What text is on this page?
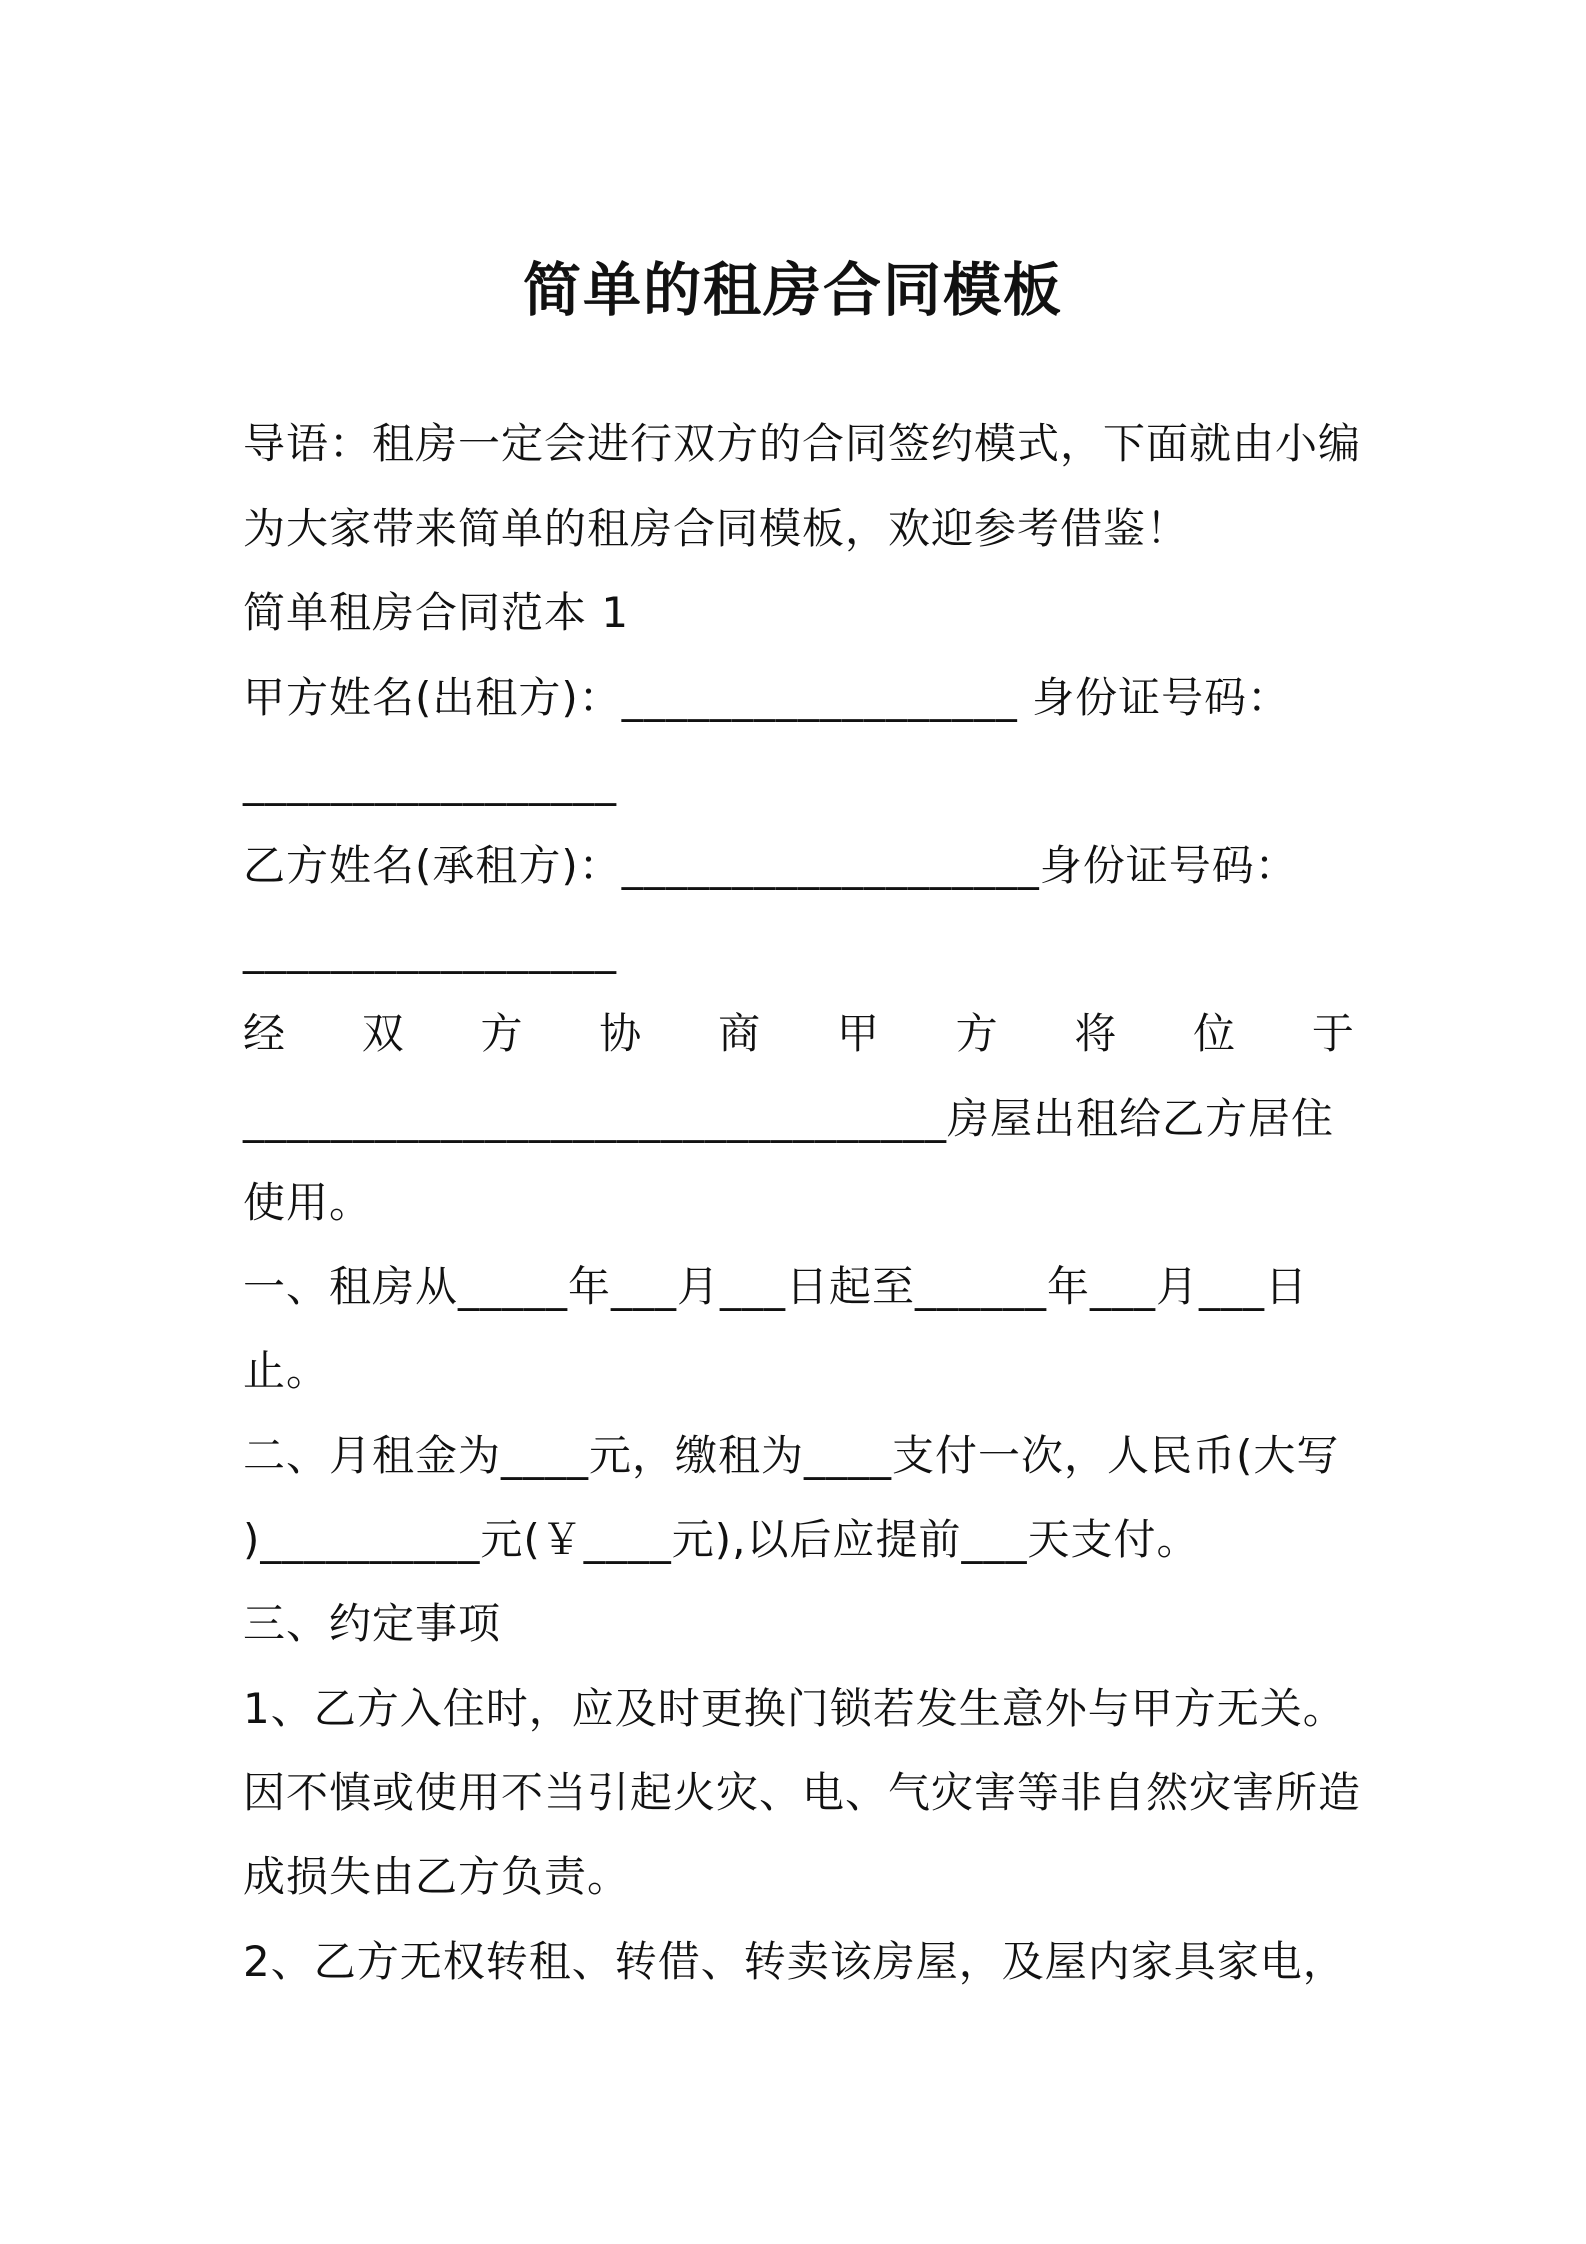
简单的租房合同模板
导语：租房一定会进行双方的合同签约模式，下面就由小编
为大家带来简单的租房合同模板，欢迎参考借鉴！
简单租房合同范本 1
甲方姓名(出租方)：__________________ 身份证号码：
_________________
乙方姓名(承租方)：___________________身份证号码：
_________________
经 双 方 协 商 甲 方 将 位 于
________________________________房屋出租给乙方居住
使用。
一、租房从_____年___月___日起至______年___月___日
止。
二、月租金为____元，缴租为____支付一次，人民币(大写
)__________元(￥____元),以后应提前___天支付。
三、约定事项
1、乙方入住时，应及时更换门锁若发生意外与甲方无关。
因不慎或使用不当引起火灾、电、气灾害等非自然灾害所造
成损失由乙方负责。
2、乙方无权转租、转借、转卖该房屋，及屋内家具家电，
